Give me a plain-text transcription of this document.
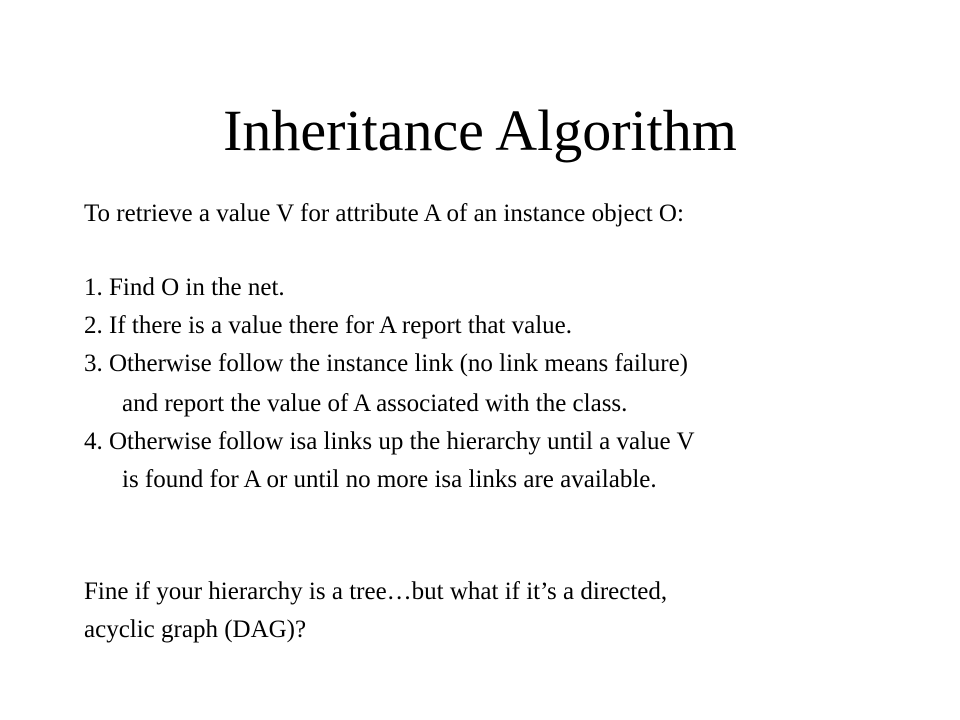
Inheritance Algorithm
To retrieve a value V for attribute A of an instance object O:
1. Find O in the net.
2. If there is a value there for A report that value.
3. Otherwise follow the instance link (no link means failure)
and report the value of A associated with the class.
4. Otherwise follow isa links up the hierarchy until a value V
is found for A or until no more isa links are available.
Fine if your hierarchy is a tree…but what if it’s a directed,
acyclic graph (DAG)?
